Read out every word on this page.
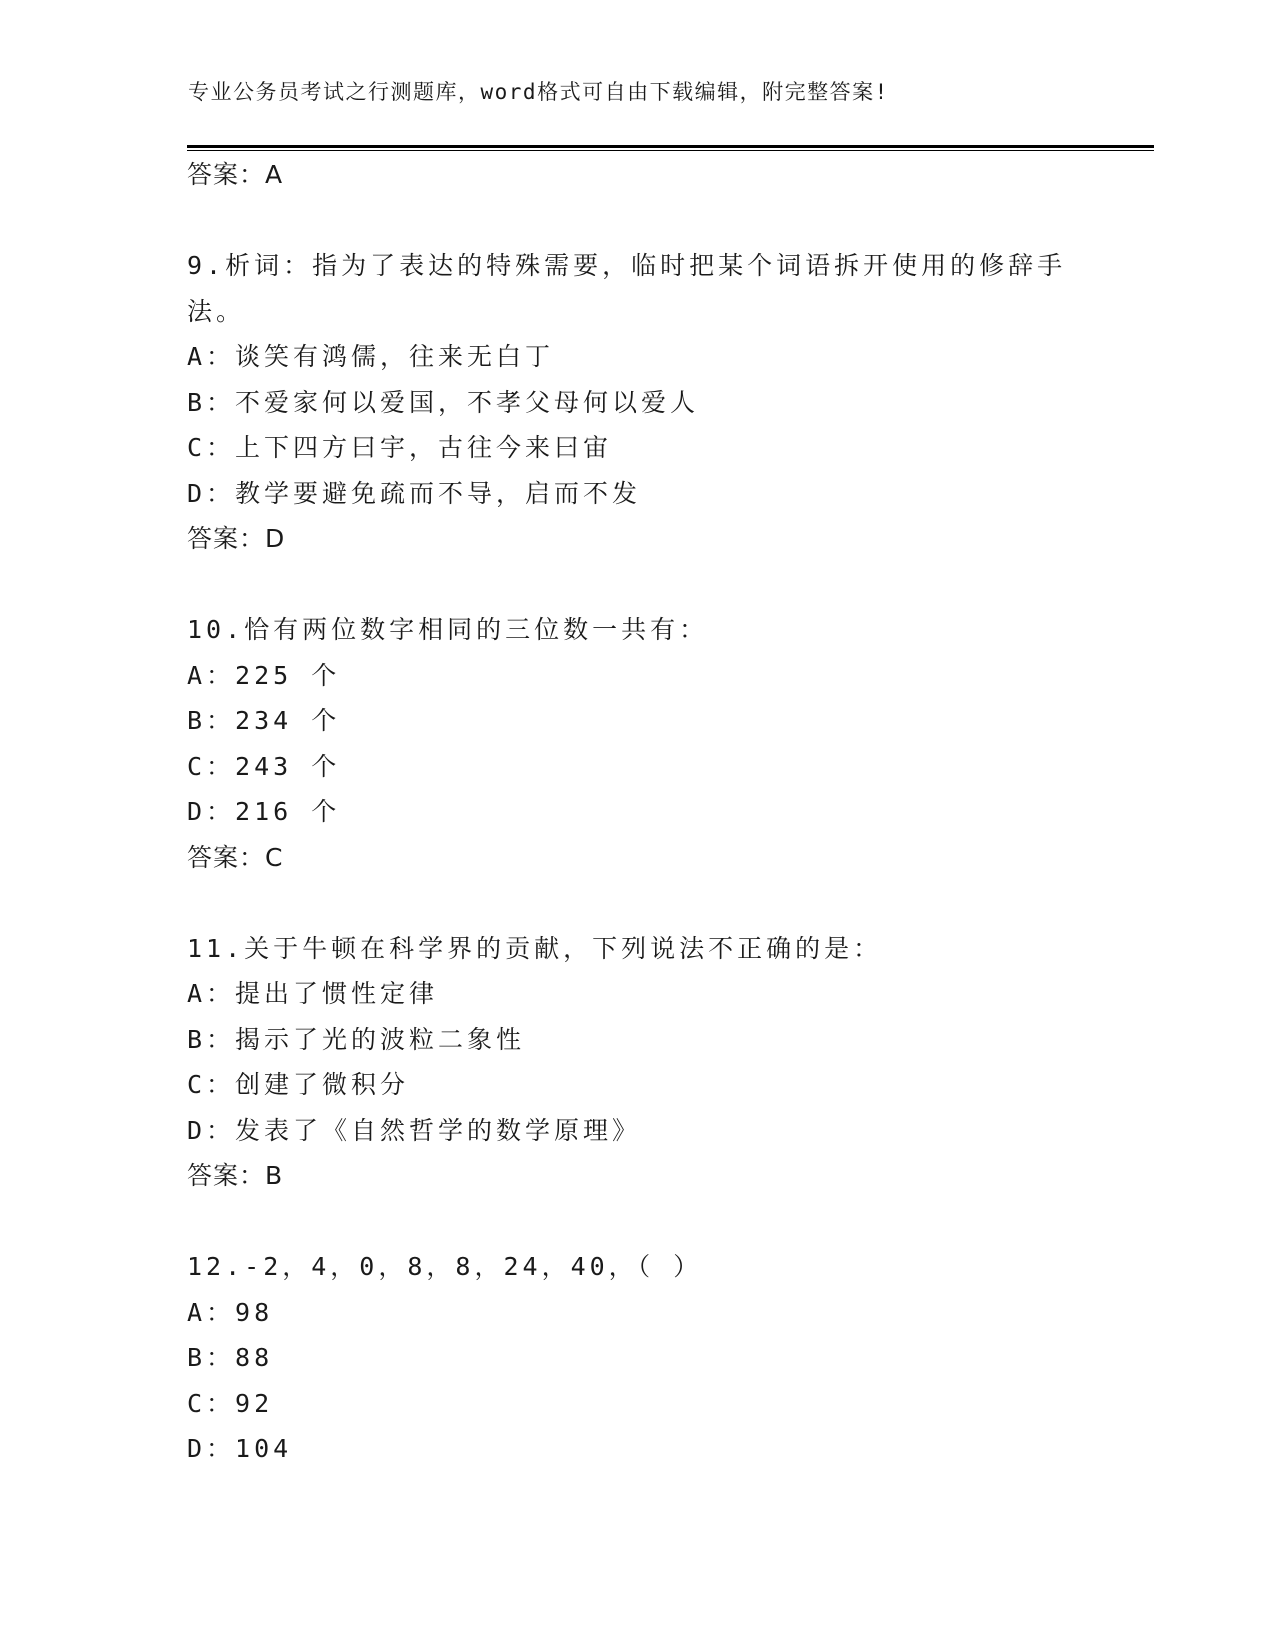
专业公务员考试之行测题库，word格式可自由下载编辑，附完整答案!
答案：A
9.析词：指为了表达的特殊需要，临时把某个词语拆开使用的修辞手
法。
A：谈笑有鸿儒，往来无白丁
B：不爱家何以爱国，不孝父母何以爱人
C：上下四方曰宇，古往今来曰宙
D：教学要避免疏而不导，启而不发
答案：D
10.恰有两位数字相同的三位数一共有：
A：225 个
B：234 个
C：243 个
D：216 个
答案：C
11.关于牛顿在科学界的贡献，下列说法不正确的是：
A：提出了惯性定律
B：揭示了光的波粒二象性
C：创建了微积分
D：发表了《自然哲学的数学原理》
答案：B
12.-2，4，0，8，8，24，40，（ ）
A：98
B：88
C：92
D：104
